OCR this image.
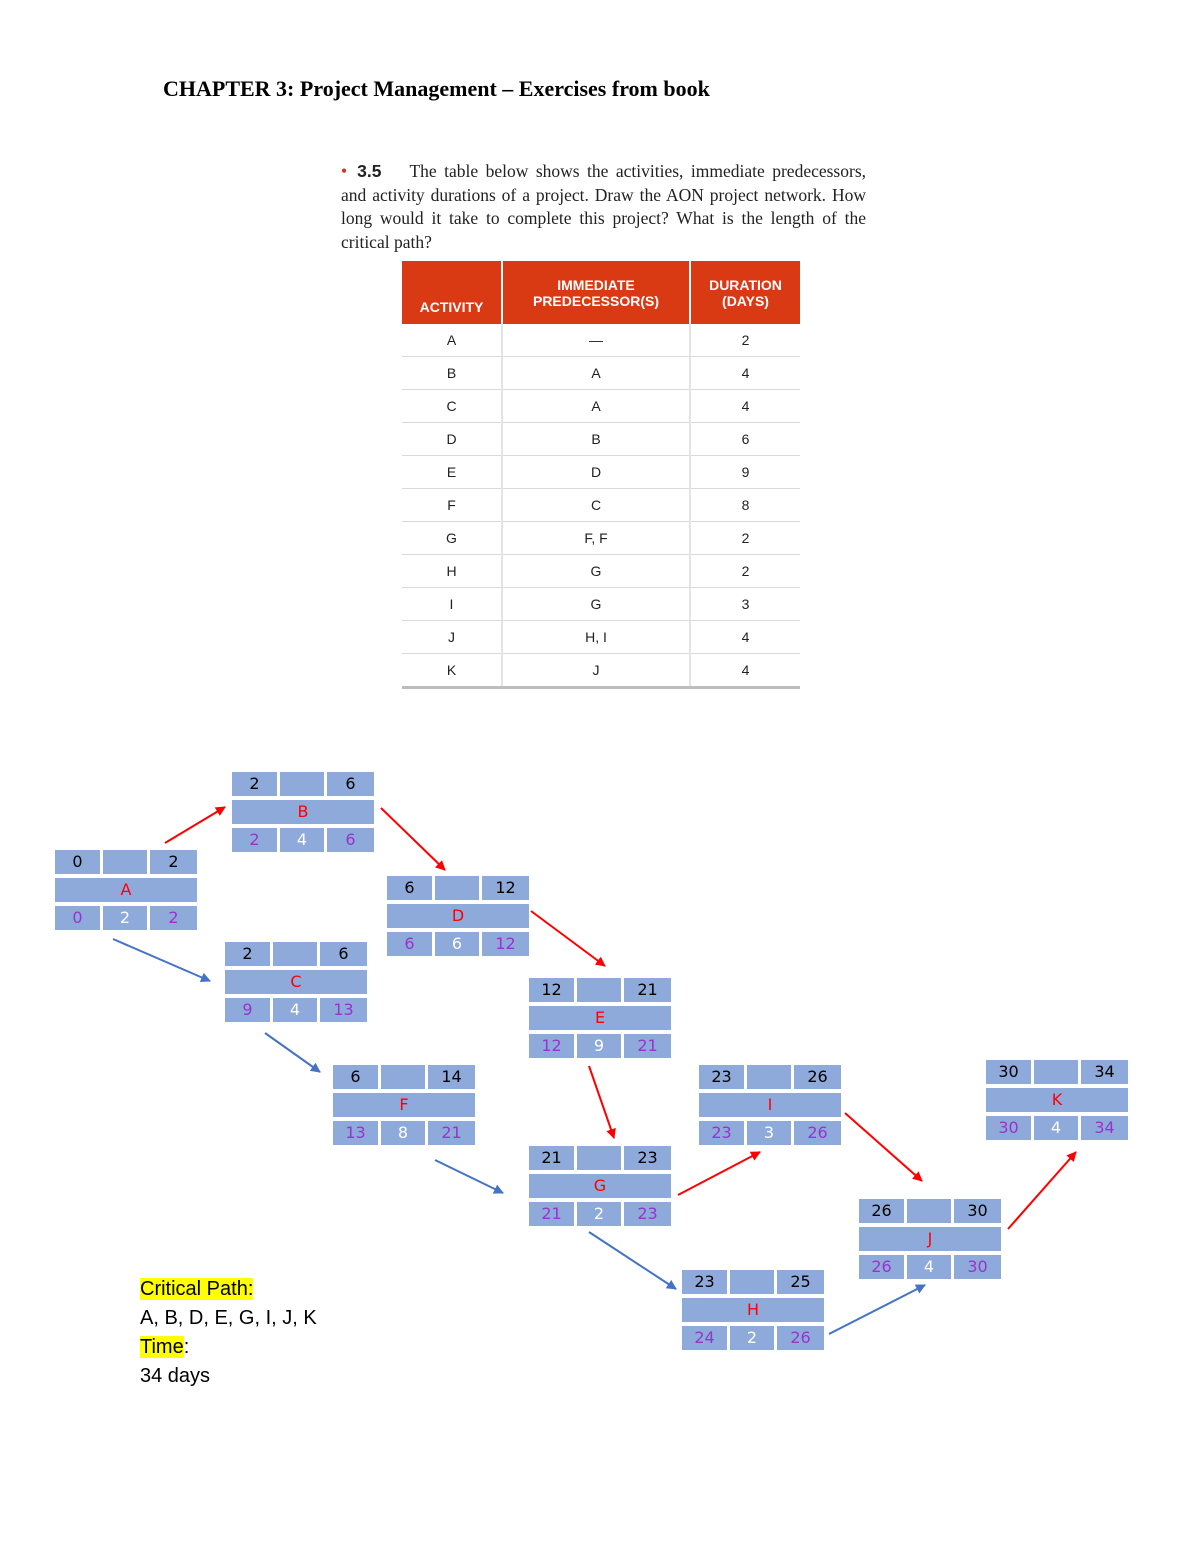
CHAPTER 3: Project Management – Exercises from book
• 3.5 The table below shows the activities, immediate predecessors, and activity durations of a project. Draw the AON project network. How long would it take to complete this project? What is the length of the critical path?
ACTIVITY	IMMEDIATE PREDECESSOR(S)	DURATION (DAYS)
A	—	2
B	A	4
C	A	4
D	B	6
E	D	9
F	C	8
G	F, F	2
H	G	2
I	G	3
J	H, I	4
K	J	4
0	2
A
0	2	2
2	6
B
2	4	6
2	6
C
9	4	13
6	12
D
6	6	12
12	21
E
12	9	21
6	14
F
13	8	21
21	23
G
21	2	23
23	26
I
23	3	26
23	25
H
24	2	26
26	30
J
26	4	30
30	34
K
30	4	34
Critical Path:
A, B, D, E, G, I, J, K
Time:
34 days
